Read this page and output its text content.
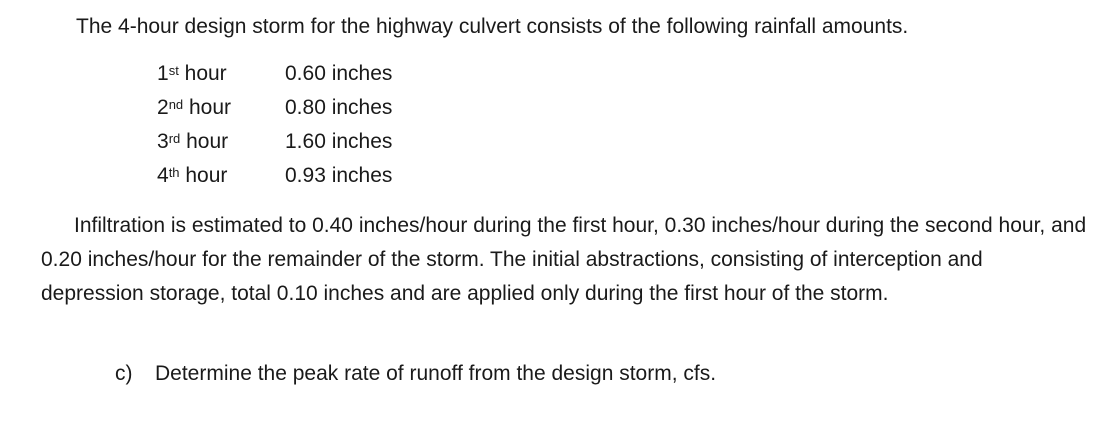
The 4-hour design storm for the highway culvert consists of the following rainfall amounts.
1st hour	0.60 inches
2nd hour	0.80 inches
3rd hour	1.60 inches
4th hour	0.93 inches
Infiltration is estimated to 0.40 inches/hour during the first hour, 0.30 inches/hour during the second hour, and 0.20 inches/hour for the remainder of the storm. The initial abstractions, consisting of interception and depression storage, total 0.10 inches and are applied only during the first hour of the storm.
c) Determine the peak rate of runoff from the design storm, cfs.
